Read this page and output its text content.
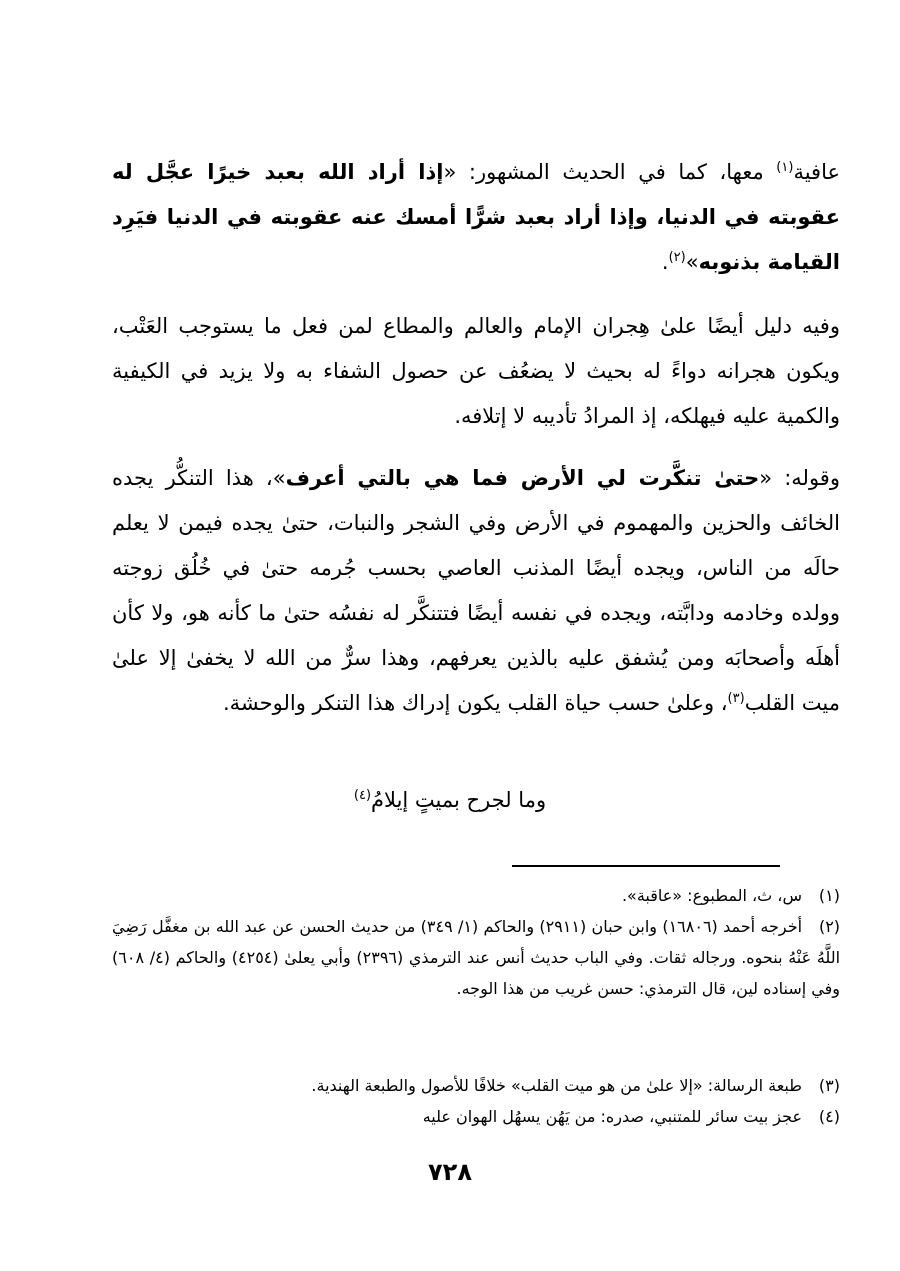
عافية$^{(١)}$ معها، كما في الحديث المشهور: «إذا أراد الله بعبد خيرًا عجَّل له عقوبته في الدنيا، وإذا أراد بعبد شرًّا أمسك عنه عقوبته في الدنيا فيَرِد القيامة بذنوبه»$^{(٢)}$.

وفيه دليل أيضًا علىٰ هِجران الإمام والعالم والمطاع لمن فعل ما يستوجب العَتْب، ويكون هجرانه دواءً له بحيث لا يضعُف عن حصول الشفاء به ولا يزيد في الكيفية والكمية عليه فيهلكه، إذ المرادُ تأديبه لا إتلافه.

وقوله: «حتىٰ تنكَّرت لي الأرض فما هي بالتي أعرف»، هذا التنكُّر يجده الخائف والحزين والمهموم في الأرض وفي الشجر والنبات، حتىٰ يجده فيمن لا يعلم حالَه من الناس، ويجده أيضًا المذنب العاصي بحسب جُرمه حتىٰ في خُلُق زوجته وولده وخادمه ودابَّته، ويجده في نفسه أيضًا فتتنكَّر له نفسُه حتىٰ ما كأنه هو، ولا كأن أهلَه وأصحابَه ومن يُشفق عليه بالذين يعرفهم، وهذا سرٌّ من الله لا يخفىٰ إلا علىٰ ميت القلب$^{(٣)}$، وعلىٰ حسب حياة القلب يكون إدراك هذا التنكر والوحشة.

وما لجرح بميتٍ إيلامُ$^{(٤)}$
(١)س، ث، المطبوع: «عاقبة».
(٢)أخرجه أحمد (١٦٨٠٦) وابن حبان (٢٩١١) والحاكم (١/ ٣٤٩) من حديث الحسن عن عبد الله بن مغفَّل رَضِيَ اللَّهُ عَنْهُ بنحوه. ورجاله ثقات. وفي الباب حديث أنس عند الترمذي (٢٣٩٦) وأبي يعلىٰ (٤٢٥٤) والحاكم (٤/ ٦٠٨) وفي إسناده لين، قال الترمذي: حسن غريب من هذا الوجه.
(٣)طبعة الرسالة: «إلا علىٰ من هو ميت القلب» خلافًا للأصول والطبعة الهندية.
(٤)عجز بيت سائر للمتنبي، صدره: من يَهُن يسهُل الهوان عليه
٧٢٨
